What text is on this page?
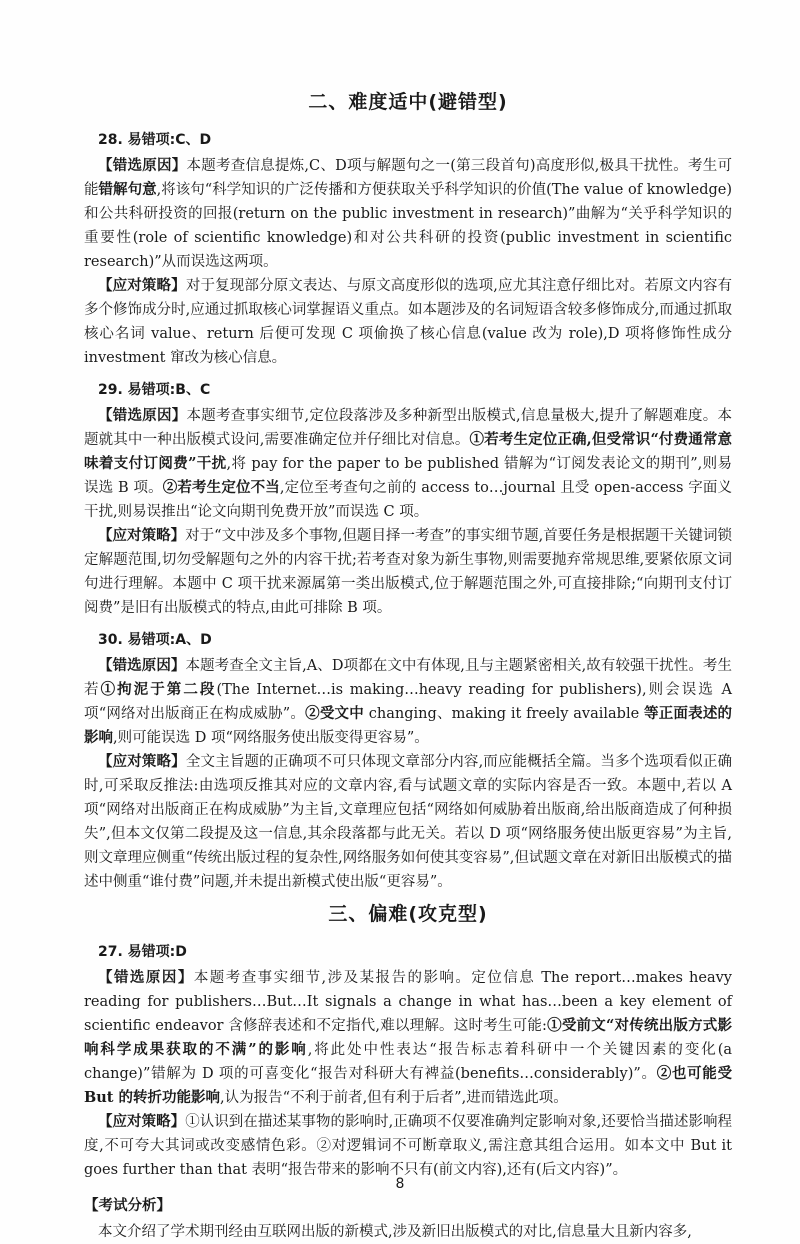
二、难度适中(避错型)
28. 易错项:C、D

【错选原因】本题考查信息提炼,C、D项与解题句之一(第三段首句)高度形似,极具干扰性。考生可能错解句意,将该句“科学知识的广泛传播和方便获取关乎科学知识的价值(The value of knowledge)和公共科研投资的回报(return on the public investment in research)”曲解为“关乎科学知识的重要性(role of scientific knowledge)和对公共科研的投资(public investment in scientific research)”从而误选这两项。

【应对策略】对于复现部分原文表达、与原文高度形似的选项,应尤其注意仔细比对。若原文内容有多个修饰成分时,应通过抓取核心词掌握语义重点。如本题涉及的名词短语含较多修饰成分,而通过抓取核心名词 value、return 后便可发现 C 项偷换了核心信息(value 改为 role),D 项将修饰性成分 investment 窜改为核心信息。

29. 易错项:B、C

【错选原因】本题考查事实细节,定位段落涉及多种新型出版模式,信息量极大,提升了解题难度。本题就其中一种出版模式设问,需要准确定位并仔细比对信息。①若考生定位正确,但受常识“付费通常意味着支付订阅费”干扰,将 pay for the paper to be published 错解为“订阅发表论文的期刊”,则易误选 B 项。②若考生定位不当,定位至考查句之前的 access to…journal 且受 open-access 字面义干扰,则易误推出“论文向期刊免费开放”而误选 C 项。

【应对策略】对于“文中涉及多个事物,但题目择一考查”的事实细节题,首要任务是根据题干关键词锁定解题范围,切勿受解题句之外的内容干扰;若考查对象为新生事物,则需要抛弃常规思维,要紧依原文词句进行理解。本题中 C 项干扰来源属第一类出版模式,位于解题范围之外,可直接排除;“向期刊支付订阅费”是旧有出版模式的特点,由此可排除 B 项。

30. 易错项:A、D

【错选原因】本题考查全文主旨,A、D项都在文中有体现,且与主题紧密相关,故有较强干扰性。考生若①拘泥于第二段(The Internet…is making…heavy reading for publishers),则会误选 A 项“网络对出版商正在构成威胁”。②受文中 changing、making it freely available 等正面表述的影响,则可能误选 D 项“网络服务使出版变得更容易”。

【应对策略】全文主旨题的正确项不可只体现文章部分内容,而应能概括全篇。当多个选项看似正确时,可采取反推法:由选项反推其对应的文章内容,看与试题文章的实际内容是否一致。本题中,若以 A 项“网络对出版商正在构成威胁”为主旨,文章理应包括“网络如何威胁着出版商,给出版商造成了何种损失”,但本文仅第二段提及这一信息,其余段落都与此无关。若以 D 项“网络服务使出版更容易”为主旨,则文章理应侧重“传统出版过程的复杂性,网络服务如何使其变容易”,但试题文章在对新旧出版模式的描述中侧重“谁付费”问题,并未提出新模式使出版“更容易”。

三、偏难(攻克型)
27. 易错项:D

【错选原因】本题考查事实细节,涉及某报告的影响。定位信息 The report…makes heavy reading for publishers…But…It signals a change in what has…been a key element of scientific endeavor 含修辞表述和不定指代,难以理解。这时考生可能:①受前文“对传统出版方式影响科学成果获取的不满”的影响,将此处中性表达“报告标志着科研中一个关键因素的变化(a change)”错解为 D 项的可喜变化“报告对科研大有裨益(benefits…considerably)”。②也可能受 But 的转折功能影响,认为报告“不利于前者,但有利于后者”,进而错选此项。

【应对策略】①认识到在描述某事物的影响时,正确项不仅要准确判定影响对象,还要恰当描述影响程度,不可夸大其词或改变感情色彩。②对逻辑词不可断章取义,需注意其组合运用。如本文中 But it goes further than that 表明“报告带来的影响不只有(前文内容),还有(后文内容)”。

【考试分析】

本文介绍了学术期刊经由互联网出版的新模式,涉及新旧出版模式的对比,信息量大且新内容多,

8
